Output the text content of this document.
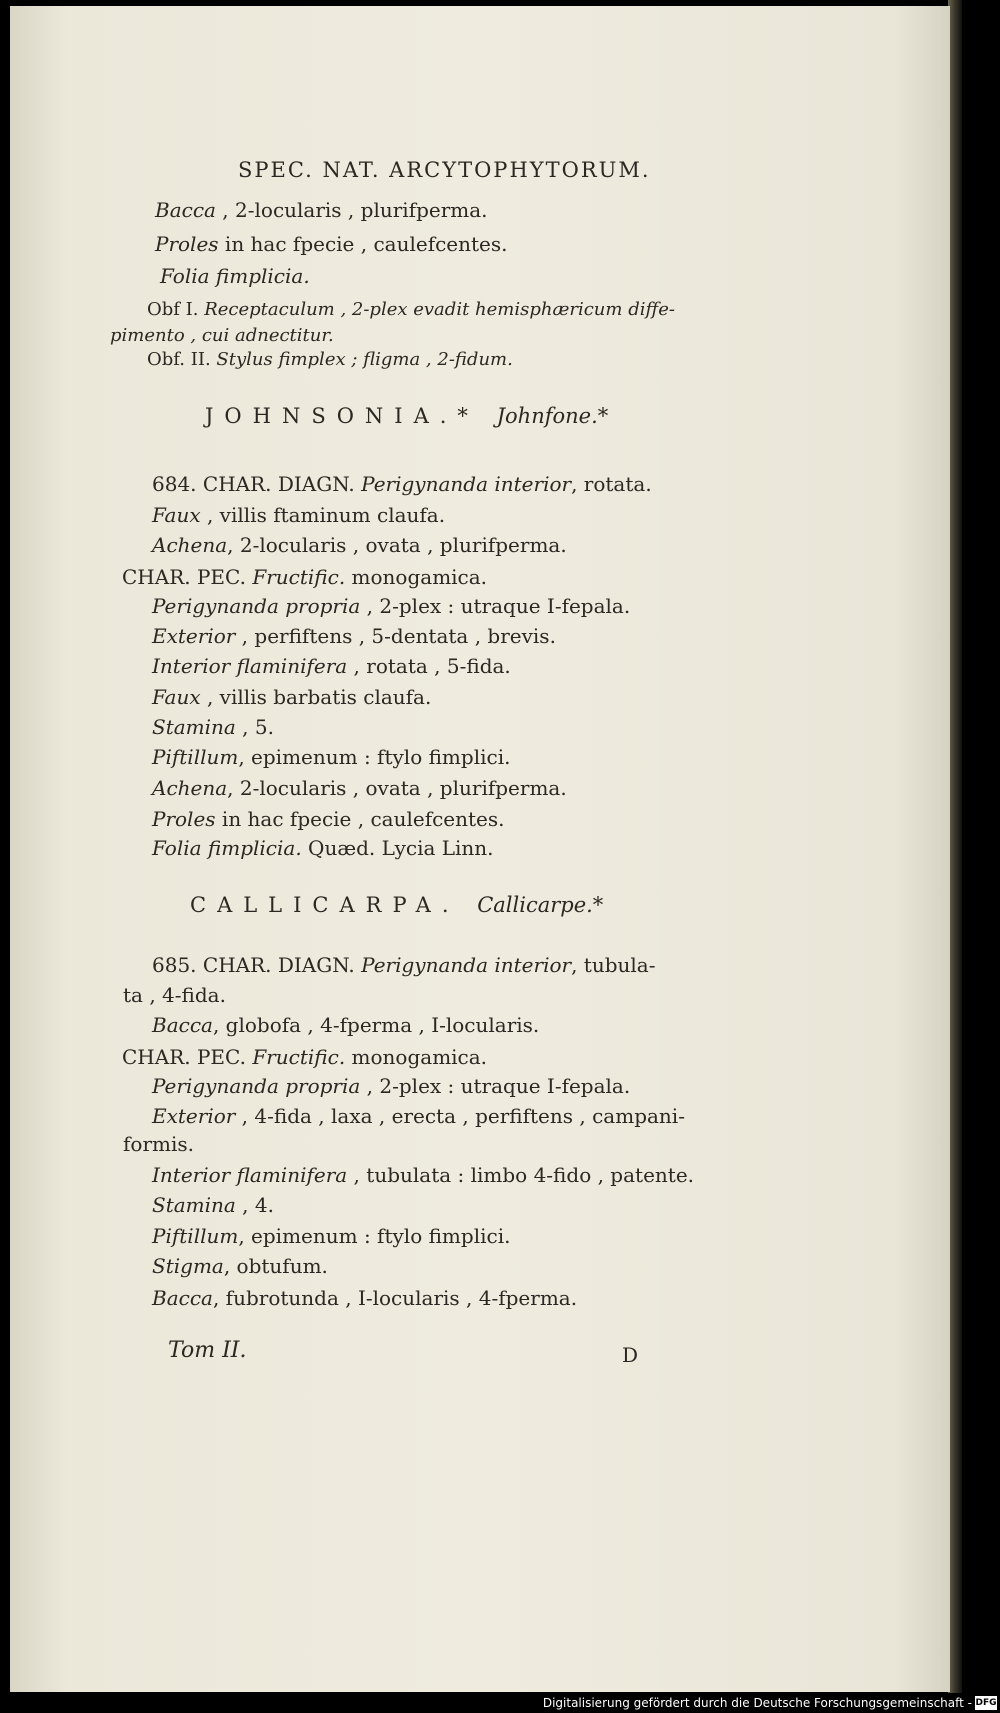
SPEC. NAT. ARCYTOPHYTORUM.
Bacca , 2-locularis , plurifperma.
Proles in hac fpecie , caulefcentes.
Folia fimplicia.
Obf I. Receptaculum , 2-plex evadit hemisphæricum diffe-
pimento , cui adnectitur.
Obf. II. Stylus fimplex ; fligma , 2-fidum.
JOHNSONIA.* Johnfone.*
684. CHAR. DIAGN. Perigynanda interior, rotata.
Faux , villis ftaminum claufa.
Achena, 2-locularis , ovata , plurifperma.
CHAR. PEC. Fructific. monogamica.
Perigynanda propria , 2-plex : utraque I-fepala.
Exterior , perfiftens , 5-dentata , brevis.
Interior flaminifera , rotata , 5-fida.
Faux , villis barbatis claufa.
Stamina , 5.
Piftillum, epimenum : ftylo fimplici.
Achena, 2-locularis , ovata , plurifperma.
Proles in hac fpecie , caulefcentes.
Folia fimplicia. Quæd. Lycia Linn.
CALLICARPA. Callicarpe.*
685. CHAR. DIAGN. Perigynanda interior, tubula-
ta , 4-fida.
Bacca, globofa , 4-fperma , I-locularis.
CHAR. PEC. Fructific. monogamica.
Perigynanda propria , 2-plex : utraque I-fepala.
Exterior , 4-fida , laxa , erecta , perfiftens , campani-
formis.
Interior flaminifera , tubulata : limbo 4-fido , patente.
Stamina , 4.
Piftillum, epimenum : ftylo fimplici.
Stigma, obtufum.
Bacca, fubrotunda , I-locularis , 4-fperma.
Tom II.	D
Digitalisierung gefördert durch die Deutsche Forschungsgemeinschaft - DFG
